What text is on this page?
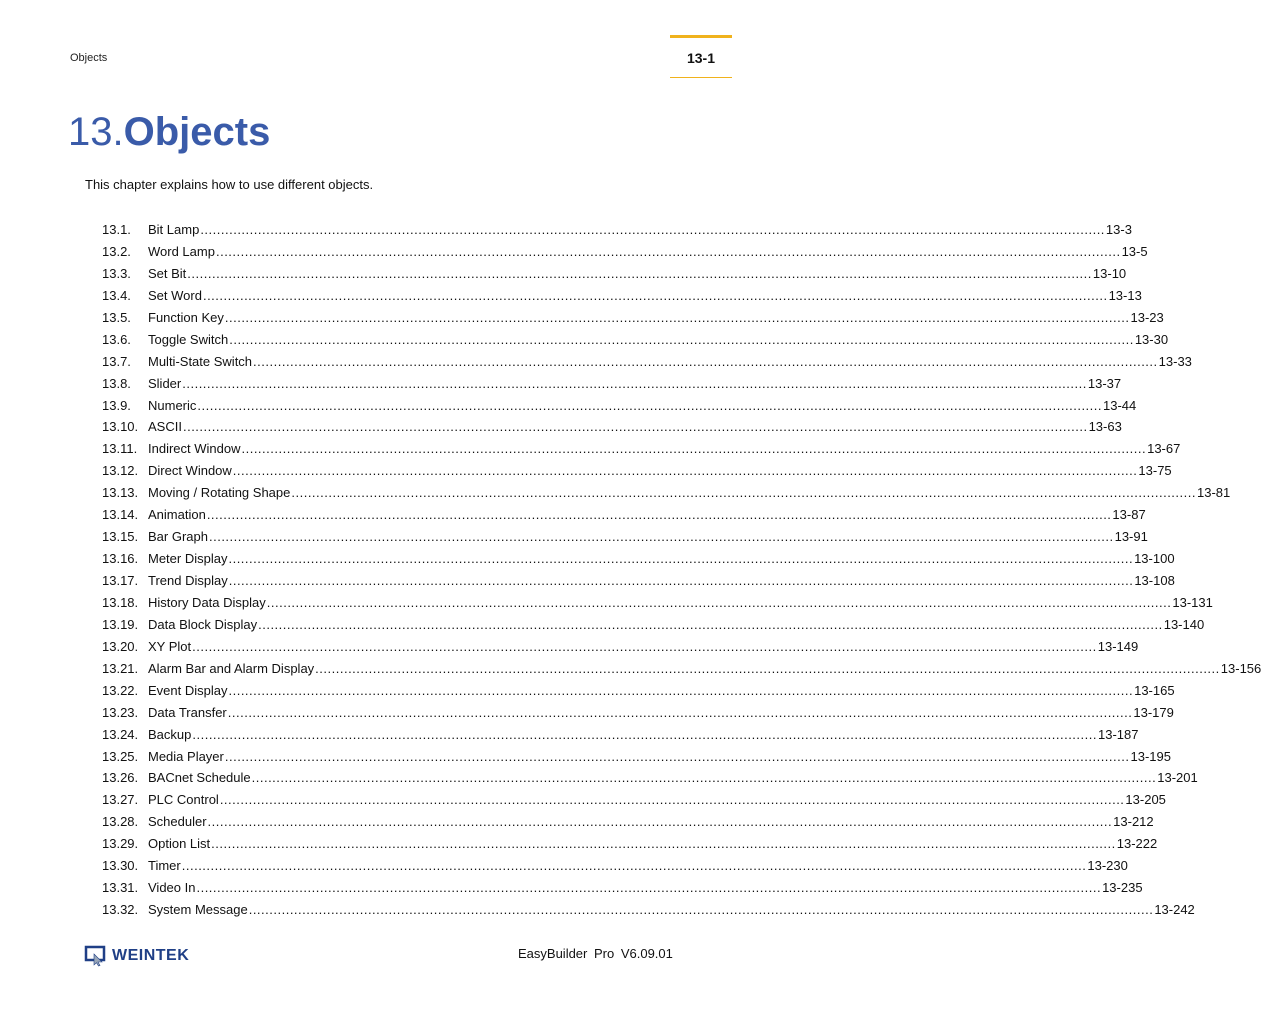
Objects	13-1
13.Objects
This chapter explains how to use different objects.
13.1.	Bit Lamp ............................................................................................................................................................................................................................ 13-3
13.2.	Word Lamp ............................................................................................................................................................................................................................ 13-5
13.3.	Set Bit ............................................................................................................................................................................................................................ 13-10
13.4.	Set Word ............................................................................................................................................................................................................................ 13-13
13.5.	Function Key ............................................................................................................................................................................................................................ 13-23
13.6.	Toggle Switch ............................................................................................................................................................................................................................ 13-30
13.7.	Multi-State Switch ............................................................................................................................................................................................................................ 13-33
13.8.	Slider ............................................................................................................................................................................................................................ 13-37
13.9.	Numeric ............................................................................................................................................................................................................................ 13-44
13.10. ASCII ............................................................................................................................................................................................................................ 13-63
13.11. Indirect Window ............................................................................................................................................................................................................................ 13-67
13.12. Direct Window ............................................................................................................................................................................................................................ 13-75
13.13. Moving / Rotating Shape ............................................................................................................................................................................................................................ 13-81
13.14. Animation ............................................................................................................................................................................................................................ 13-87
13.15. Bar Graph ............................................................................................................................................................................................................................ 13-91
13.16. Meter Display ............................................................................................................................................................................................................................ 13-100
13.17. Trend Display ............................................................................................................................................................................................................................ 13-108
13.18. History Data Display ............................................................................................................................................................................................................................ 13-131
13.19. Data Block Display ............................................................................................................................................................................................................................ 13-140
13.20. XY Plot ............................................................................................................................................................................................................................ 13-149
13.21. Alarm Bar and Alarm Display ............................................................................................................................................................................................................................ 13-156
13.22. Event Display ............................................................................................................................................................................................................................ 13-165
13.23. Data Transfer ............................................................................................................................................................................................................................ 13-179
13.24. Backup ............................................................................................................................................................................................................................ 13-187
13.25. Media Player ............................................................................................................................................................................................................................ 13-195
13.26. BACnet Schedule ............................................................................................................................................................................................................................ 13-201
13.27. PLC Control ............................................................................................................................................................................................................................ 13-205
13.28. Scheduler ............................................................................................................................................................................................................................ 13-212
13.29. Option List ............................................................................................................................................................................................................................ 13-222
13.30. Timer ............................................................................................................................................................................................................................ 13-230
13.31. Video In ............................................................................................................................................................................................................................ 13-235
13.32. System Message ............................................................................................................................................................................................................................ 13-242
WEINTEK	EasyBuilder Pro V6.09.01
